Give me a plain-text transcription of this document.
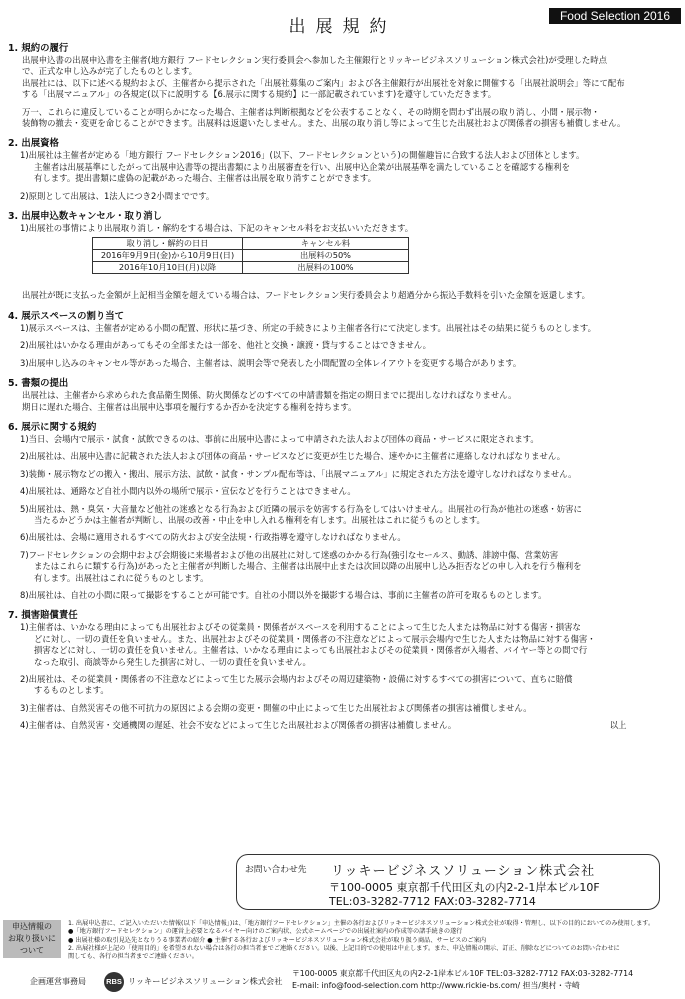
Food Selection 2016
出展規約
1. 規約の履行
出展申込書の出展申込書を主催者(地方銀行 フードセレクション実行委員会へ参加した主催銀行とリッキービジネスソリューション株式会社)が受理した時点
で、正式な申し込みが完了したものとします。
出展社には、以下に述べる規約および、主催者から提示された「出展社募集のご案内」および各主催銀行が出展社を対象に開催する「出展社説明会」等にて配布
する「出展マニュアル」の各規定(以下に説明する【6.展示に関する規約】に一部記載されています)を遵守していただきます。
万一、これらに違反していることが明らかになった場合、主催者は判断根拠などを公表することなく、その時期を問わず出展の取り消し、小間・展示物・
装飾物の撤去・変更を命じることができます。出展料は返還いたしません。また、出展の取り消し等によって生じた出展社および関係者の損害も補償しません。
2. 出展資格
1)出展社は主催者が定める「地方銀行 フードセレクション2016」(以下、フードセレクションという)の開催趣旨に合致する法人および団体とします。
主催者は出展基準にしたがって出展申込書等の提出書類により出展審査を行い、出展申込企業が出展基準を満たしていることを確認する権利を
有します。提出書類に虚偽の記載があった場合、主催者は出展を取り消すことができます。
2)原則として出展は、1法人につき2小間までです。
3. 出展申込数キャンセル・取り消し
1)出展社の事情により出展取り消し・解約をする場合は、下記のキャンセル料をお支払いいただきます。
取り消し・解約の日日	キャンセル料
2016年9月9日(金)から10月9日(日)	出展料の50%
2016年10月10日(月)以降	出展料の100%
出展社が既に支払った金額が上記相当金額を超えている場合は、フードセレクション実行委員会より超過分から振込手数料を引いた金額を返還します。
4. 展示スペースの割り当て
1)展示スペースは、主催者が定める小間の配置、形状に基づき、所定の手続きにより主催者各行にて決定します。出展社はその結果に従うものとします。
2)出展社はいかなる理由があってもその全部または一部を、他社と交換・譲渡・貸与することはできません。
3)出展申し込みのキャンセル等があった場合、主催者は、説明会等で発表した小間配置の全体レイアウトを変更する場合があります。
5. 書類の提出
出展社は、主催者から求められた食品衛生関係、防火関係などのすべての申請書類を指定の期日までに提出しなければなりません。
期日に遅れた場合、主催者は出展申込事項を履行するか否かを決定する権利を持ちます。
6. 展示に関する規約
1)当日、会場内で展示・試食・試飲できるのは、事前に出展申込書によって申請された法人および団体の商品・サービスに限定されます。
2)出展社は、出展申込書に記載された法人および団体の商品・サービスなどに変更が生じた場合、速やかに主催者に連絡しなければなりません。
3)装飾・展示物などの搬入・搬出、展示方法、試飲・試食・サンプル配布等は、「出展マニュアル」に規定された方法を遵守しなければなりません。
4)出展社は、通路など自社小間内以外の場所で展示・宣伝などを行うことはできません。
5)出展社は、熱・臭気・大音量など他社の迷惑となる行為および近隣の展示を妨害する行為をしてはいけません。出展社の行為が他社の迷惑・妨害に
当たるかどうかは主催者が判断し、出展の改善・中止を申し入れる権利を有します。出展社はこれに従うものとします。
6)出展社は、会場に適用されるすべての防火および安全法規・行政指導を遵守しなければなりません。
7)フードセレクションの会期中および会期後に来場者および他の出展社に対して迷惑のかかる行為(強引なセールス、動誘、誹謗中傷、営業妨害
またはこれらに類する行為)があったと主催者が判断した場合、主催者は出展中止または次回以降の出展申し込み拒否などの申し入れを行う権利を
有します。出展社はこれに従うものとします。
8)出展社は、自社の小間に限って撮影をすることが可能です。自社の小間以外を撮影する場合は、事前に主催者の許可を取るものとします。
7. 損害賠償責任
1)主催者は、いかなる理由によっても出展社およびその従業員・関係者がスペースを利用することによって生じた人または物品に対する傷害・損害な
どに対し、一切の責任を負いません。また、出展社およびその従業員・関係者の不注意などによって展示会場内で生じた人または物品に対する傷害・
損害などに対し、一切の責任を負いません。主催者は、いかなる理由によっても出展社およびその従業員・関係者が入場者、バイヤー等との間で行
なった取引、商談等から発生した損害に対し、一切の責任を負いません。
2)出展社は、その従業員・関係者の不注意などによって生じた展示会場内およびその周辺建築物・設備に対するすべての損害について、直ちに賠償
するものとします。
3)主催者は、自然災害その他不可抗力の原因による会期の変更・開催の中止によって生じた出展社および関係者の損害は補償しません。
4)主催者は、自然災害・交通機関の遅延、社会不安などによって生じた出展社および関係者の損害は補償しません。	以上
お問い合わせ先 リッキービジネスソリューション株式会社
〒100-0005 東京都千代田区丸の内2-2-1岸本ビル10F
TEL:03-3282-7712 FAX:03-3282-7714
申込情報の
お取り扱いに
ついて
1. 出展申込書に、ご記入いただいた情報(以下「申込情報」)は、「地方銀行フードセレクション」主催の各行およびリッキービジネスソリューション株式会社が取得・管理し、以下の目的においてのみ使用します。
●「地方銀行フードセレクション」の運営上必要となるバイヤー向けのご案内状、公式ホームページでの出展社案内の作成等の諸手続きの遂行
● 出展社様の取引見込先となりうる事業者の紹介 ● 主催する各行およびリッキービジネスソリューション株式会社が取り扱う商品、サービスのご案内
2. 出展社様が上記の「使用目的」を希望されない場合は各行の担当者までご連絡ください。以後、上記目的での使用は中止します。また、申込情報の開示、訂正、削除などについてのお問い合わせに
関しても、各行の担当者までご連絡ください。
企画運営事務局	RBS リッキービジネスソリューション株式会社
〒100-0005 東京都千代田区丸の内2-2-1岸本ビル10F TEL:03-3282-7712 FAX:03-3282-7714
E-mail: info@food-selection.com http://www.rickie-bs.com/ 担当/奥村・寺崎
